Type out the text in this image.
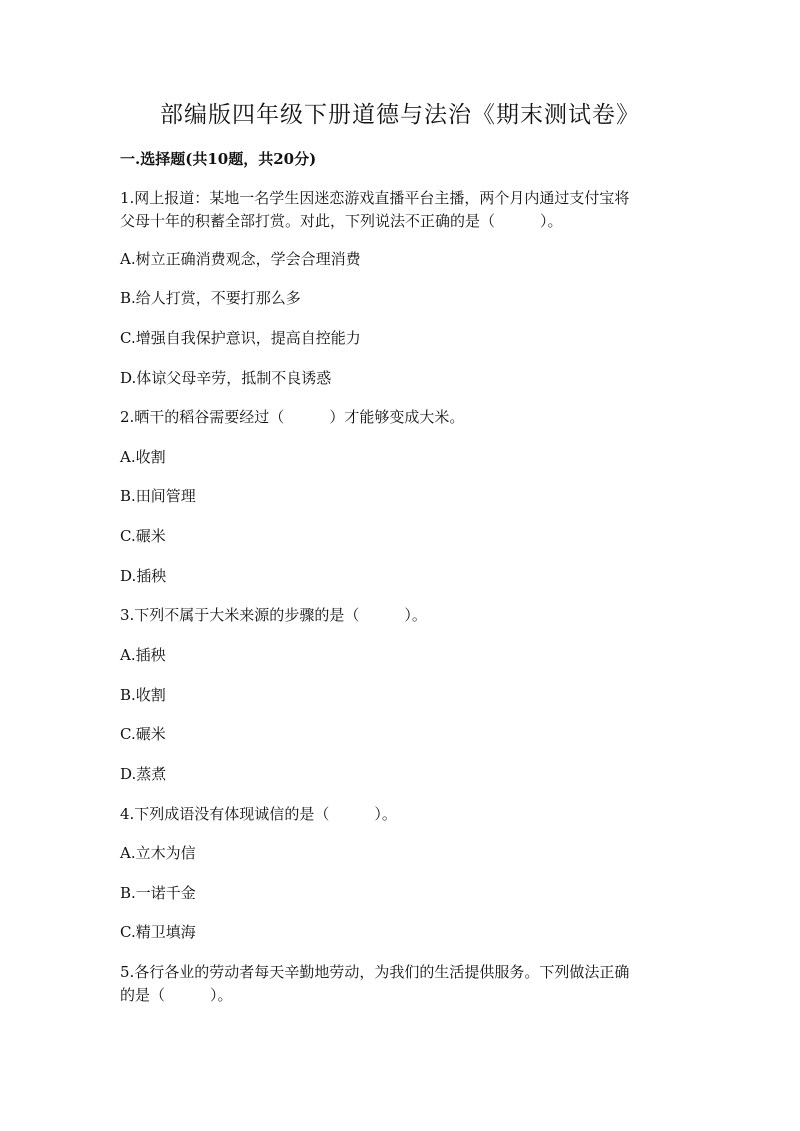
部编版四年级下册道德与法治《期末测试卷》
一.选择题(共10题，共20分)
1.网上报道：某地一名学生因迷恋游戏直播平台主播，两个月内通过支付宝将
父母十年的积蓄全部打赏。对此，下列说法不正确的是（　　　）。
A.树立正确消费观念，学会合理消费
B.给人打赏，不要打那么多
C.增强自我保护意识，提高自控能力
D.体谅父母辛劳，抵制不良诱惑
2.晒干的稻谷需要经过（　　　）才能够变成大米。
A.收割
B.田间管理
C.碾米
D.插秧
3.下列不属于大米来源的步骤的是（　　　）。
A.插秧
B.收割
C.碾米
D.蒸煮
4.下列成语没有体现诚信的是（　　　）。
A.立木为信
B.一诺千金
C.精卫填海
5.各行各业的劳动者每天辛勤地劳动，为我们的生活提供服务。下列做法正确
的是（　　　）。
